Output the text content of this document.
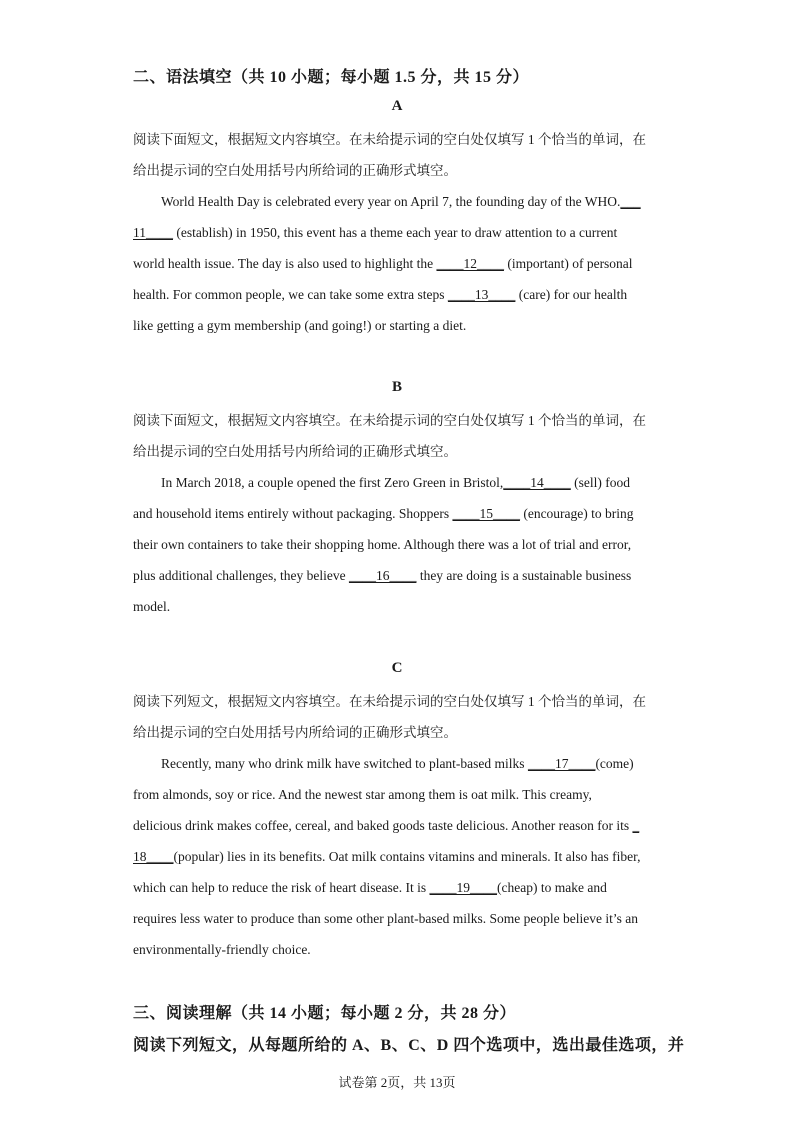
二、语法填空（共 10 小题；每小题 1.5 分，共 15 分）
A

阅读下面短文，根据短文内容填空。在未给提示词的空白处仅填写 1 个恰当的单词，在

给出提示词的空白处用括号内所给词的正确形式填空。

World Health Day is celebrated every year on April 7, the founding day of the WHO.___

11____ (establish) in 1950, this event has a theme each year to draw attention to a current

world health issue. The day is also used to highlight the ____12____ (important) of personal

health. For common people, we can take some extra steps ____13____ (care) for our health

like getting a gym membership (and going!) or starting a diet.

B

阅读下面短文，根据短文内容填空。在未给提示词的空白处仅填写 1 个恰当的单词，在

给出提示词的空白处用括号内所给词的正确形式填空。

In March 2018, a couple opened the first Zero Green in Bristol,____14____ (sell) food

and household items entirely without packaging. Shoppers ____15____ (encourage) to bring

their own containers to take their shopping home. Although there was a lot of trial and error,

plus additional challenges, they believe ____16____ they are doing is a sustainable business

model.

C

阅读下列短文，根据短文内容填空。在未给提示词的空白处仅填写 1 个恰当的单词，在

给出提示词的空白处用括号内所给词的正确形式填空。

Recently, many who drink milk have switched to plant-based milks ____17____(come)

from almonds, soy or rice. And the newest star among them is oat milk. This creamy,

delicious drink makes coffee, cereal, and baked goods taste delicious. Another reason for its _

18____(popular) lies in its benefits. Oat milk contains vitamins and minerals. It also has fiber,

which can help to reduce the risk of heart disease. It is ____19____(cheap) to make and

requires less water to produce than some other plant-based milks. Some people believe it’s an

environmentally-friendly choice.

三、阅读理解（共 14 小题；每小题 2 分，共 28 分）
阅读下列短文，从每题所给的 A、B、C、D 四个选项中，选出最佳选项，并
试卷第 2页，共 13页
